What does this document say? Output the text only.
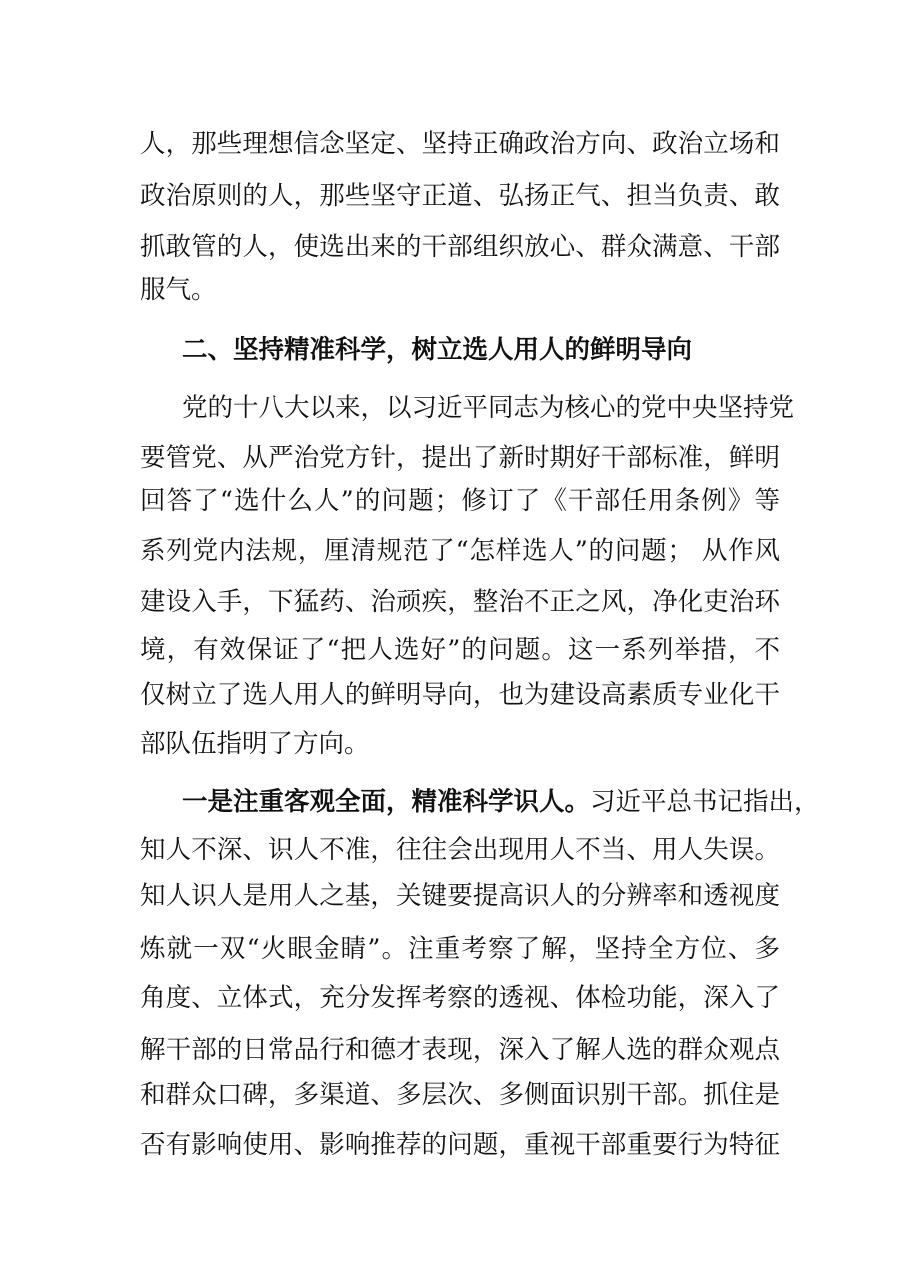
人，那些理想信念坚定、坚持正确政治方向、政治立场和
政治原则的人，那些坚守正道、弘扬正气、担当负责、敢
抓敢管的人，使选出来的干部组织放心、群众满意、干部
服气。
二、坚持精准科学，树立选人用人的鲜明导向
党的十八大以来，以习近平同志为核心的党中央坚持党
要管党、从严治党方针，提出了新时期好干部标准，鲜明
回答了“选什么人”的问题；修订了《干部任用条例》等
系列党内法规，厘清规范了“怎样选人”的问题； 从作风
建设入手，下猛药、治顽疾，整治不正之风，净化吏治环
境，有效保证了“把人选好”的问题。这一系列举措，不
仅树立了选人用人的鲜明导向，也为建设高素质专业化干
部队伍指明了方向。
一是注重客观全面，精准科学识人。习近平总书记指出，
知人不深、识人不准，往往会出现用人不当、用人失误。
知人识人是用人之基，关键要提高识人的分辨率和透视度
炼就一双“火眼金睛”。注重考察了解，坚持全方位、多
角度、立体式，充分发挥考察的透视、体检功能，深入了
解干部的日常品行和德才表现，深入了解人选的群众观点
和群众口碑，多渠道、多层次、多侧面识别干部。抓住是
否有影响使用、影响推荐的问题，重视干部重要行为特征
